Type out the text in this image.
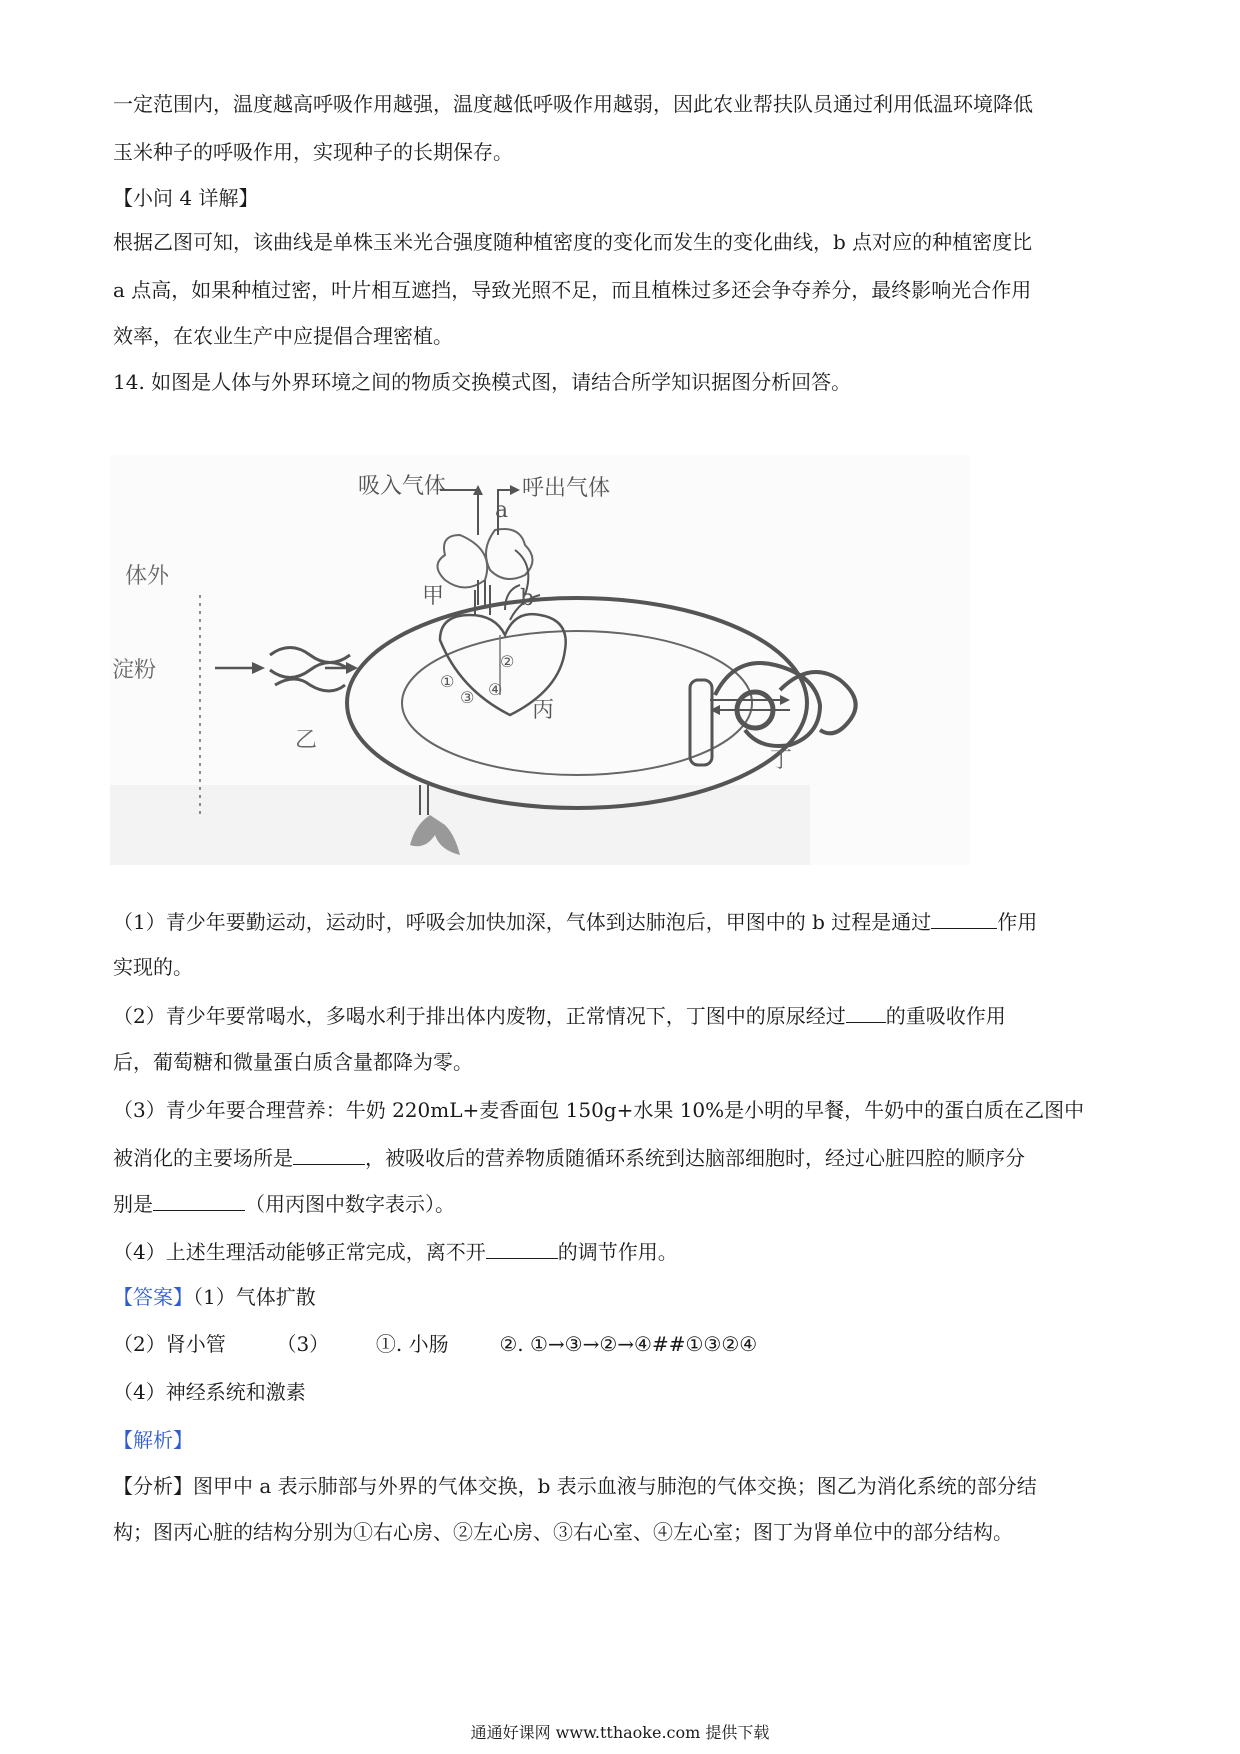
一定范围内，温度越高呼吸作用越强，温度越低呼吸作用越弱，因此农业帮扶队员通过利用低温环境降低
玉米种子的呼吸作用，实现种子的长期保存。
【小问 4 详解】
根据乙图可知，该曲线是单株玉米光合强度随种植密度的变化而发生的变化曲线，b 点对应的种植密度比
a 点高，如果种植过密，叶片相互遮挡，导致光照不足，而且植株过多还会争夺养分，最终影响光合作用
效率，在农业生产中应提倡合理密植。
14. 如图是人体与外界环境之间的物质交换模式图，请结合所学知识据图分析回答。
吸入气体	呼出气体
a
b
体外
甲
淀粉
乙
丙
丁
①
②
③ ④
（1）青少年要勤运动，运动时，呼吸会加快加深，气体到达肺泡后，甲图中的 b 过程是通过	作用
实现的。
（2）青少年要常喝水，多喝水利于排出体内废物，正常情况下，丁图中的原尿经过 的重吸收作用
后，葡萄糖和微量蛋白质含量都降为零。
（3）青少年要合理营养：牛奶 220mL+麦香面包 150g+水果 10%是小明的早餐，牛奶中的蛋白质在乙图中
被消化的主要场所是	，被吸收后的营养物质随循环系统到达脑部细胞时，经过心脏四腔的顺序分
别是	（用丙图中数字表示）。
（4）上述生理活动能够正常完成，离不开	的调节作用。
【答案】（1）气体扩散
（2）肾小管	（3） ①. 小肠	②. ①→③→②→④##①③②④
（4）神经系统和激素
【解析】
【分析】图甲中 a 表示肺部与外界的气体交换，b 表示血液与肺泡的气体交换；图乙为消化系统的部分结
构；图丙心脏的结构分别为①右心房、②左心房、③右心室、④左心室；图丁为肾单位中的部分结构。
通通好课网 www.tthaoke.com 提供下载
